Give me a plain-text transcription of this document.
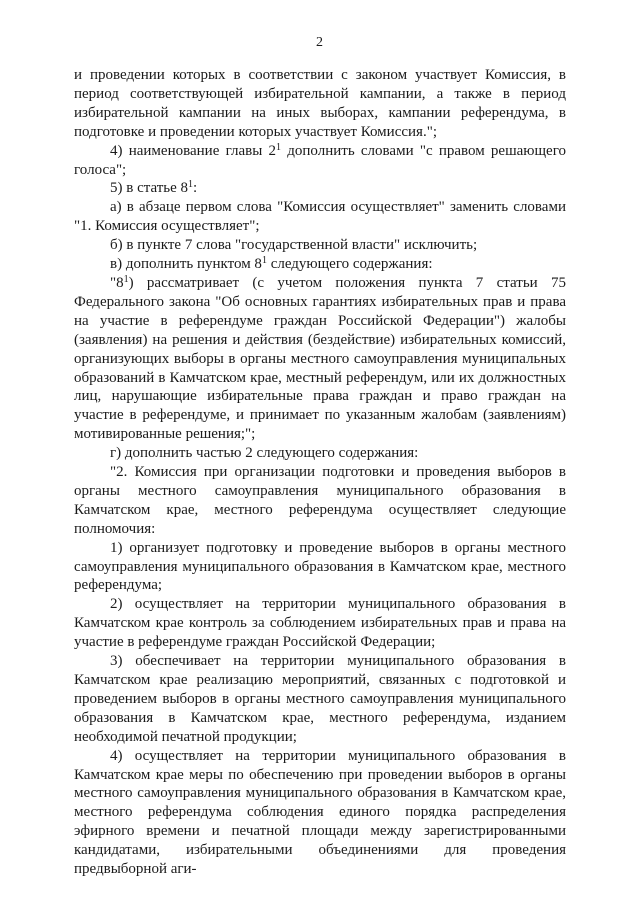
2

и проведении которых в соответствии с законом участвует Комиссия, в период соответствующей избирательной кампании, а также в период избирательной кампании на иных выборах, кампании референдума, в подготовке и проведении которых участвует Комиссия.";

4) наименование главы $2^1$ дополнить словами "с правом решающего голоса";

5) в статье $8^1$:

а) в абзаце первом слова "Комиссия осуществляет" заменить словами "1. Комиссия осуществляет";

б) в пункте 7 слова "государственной власти" исключить;

в) дополнить пунктом $8^1$ следующего содержания:

"$8^1$) рассматривает (с учетом положения пункта 7 статьи 75 Федерального закона "Об основных гарантиях избирательных прав и права на участие в референдуме граждан Российской Федерации") жалобы (заявления) на решения и действия (бездействие) избирательных комиссий, организующих выборы в органы местного самоуправления муниципальных образований в Камчатском крае, местный референдум, или их должностных лиц, нарушающие избирательные права граждан и право граждан на участие в референдуме, и принимает по указанным жалобам (заявлениям) мотивированные решения;";

г) дополнить частью 2 следующего содержания:

"2. Комиссия при организации подготовки и проведения выборов в органы местного самоуправления муниципального образования в Камчатском крае, местного референдума осуществляет следующие полномочия:

1) организует подготовку и проведение выборов в органы местного самоуправления муниципального образования в Камчатском крае, местного референдума;

2) осуществляет на территории муниципального образования в Камчатском крае контроль за соблюдением избирательных прав и права на участие в референдуме граждан Российской Федерации;

3) обеспечивает на территории муниципального образования в Камчатском крае реализацию мероприятий, связанных с подготовкой и проведением выборов в органы местного самоуправления муниципального образования в Камчатском крае, местного референдума, изданием необходимой печатной продукции;

4) осуществляет на территории муниципального образования в Камчатском крае меры по обеспечению при проведении выборов в органы местного самоуправления муниципального образования в Камчатском крае, местного референдума соблюдения единого порядка распределения эфирного времени и печатной площади между зарегистрированными кандидатами, избирательными объединениями для проведения предвыборной аги-
